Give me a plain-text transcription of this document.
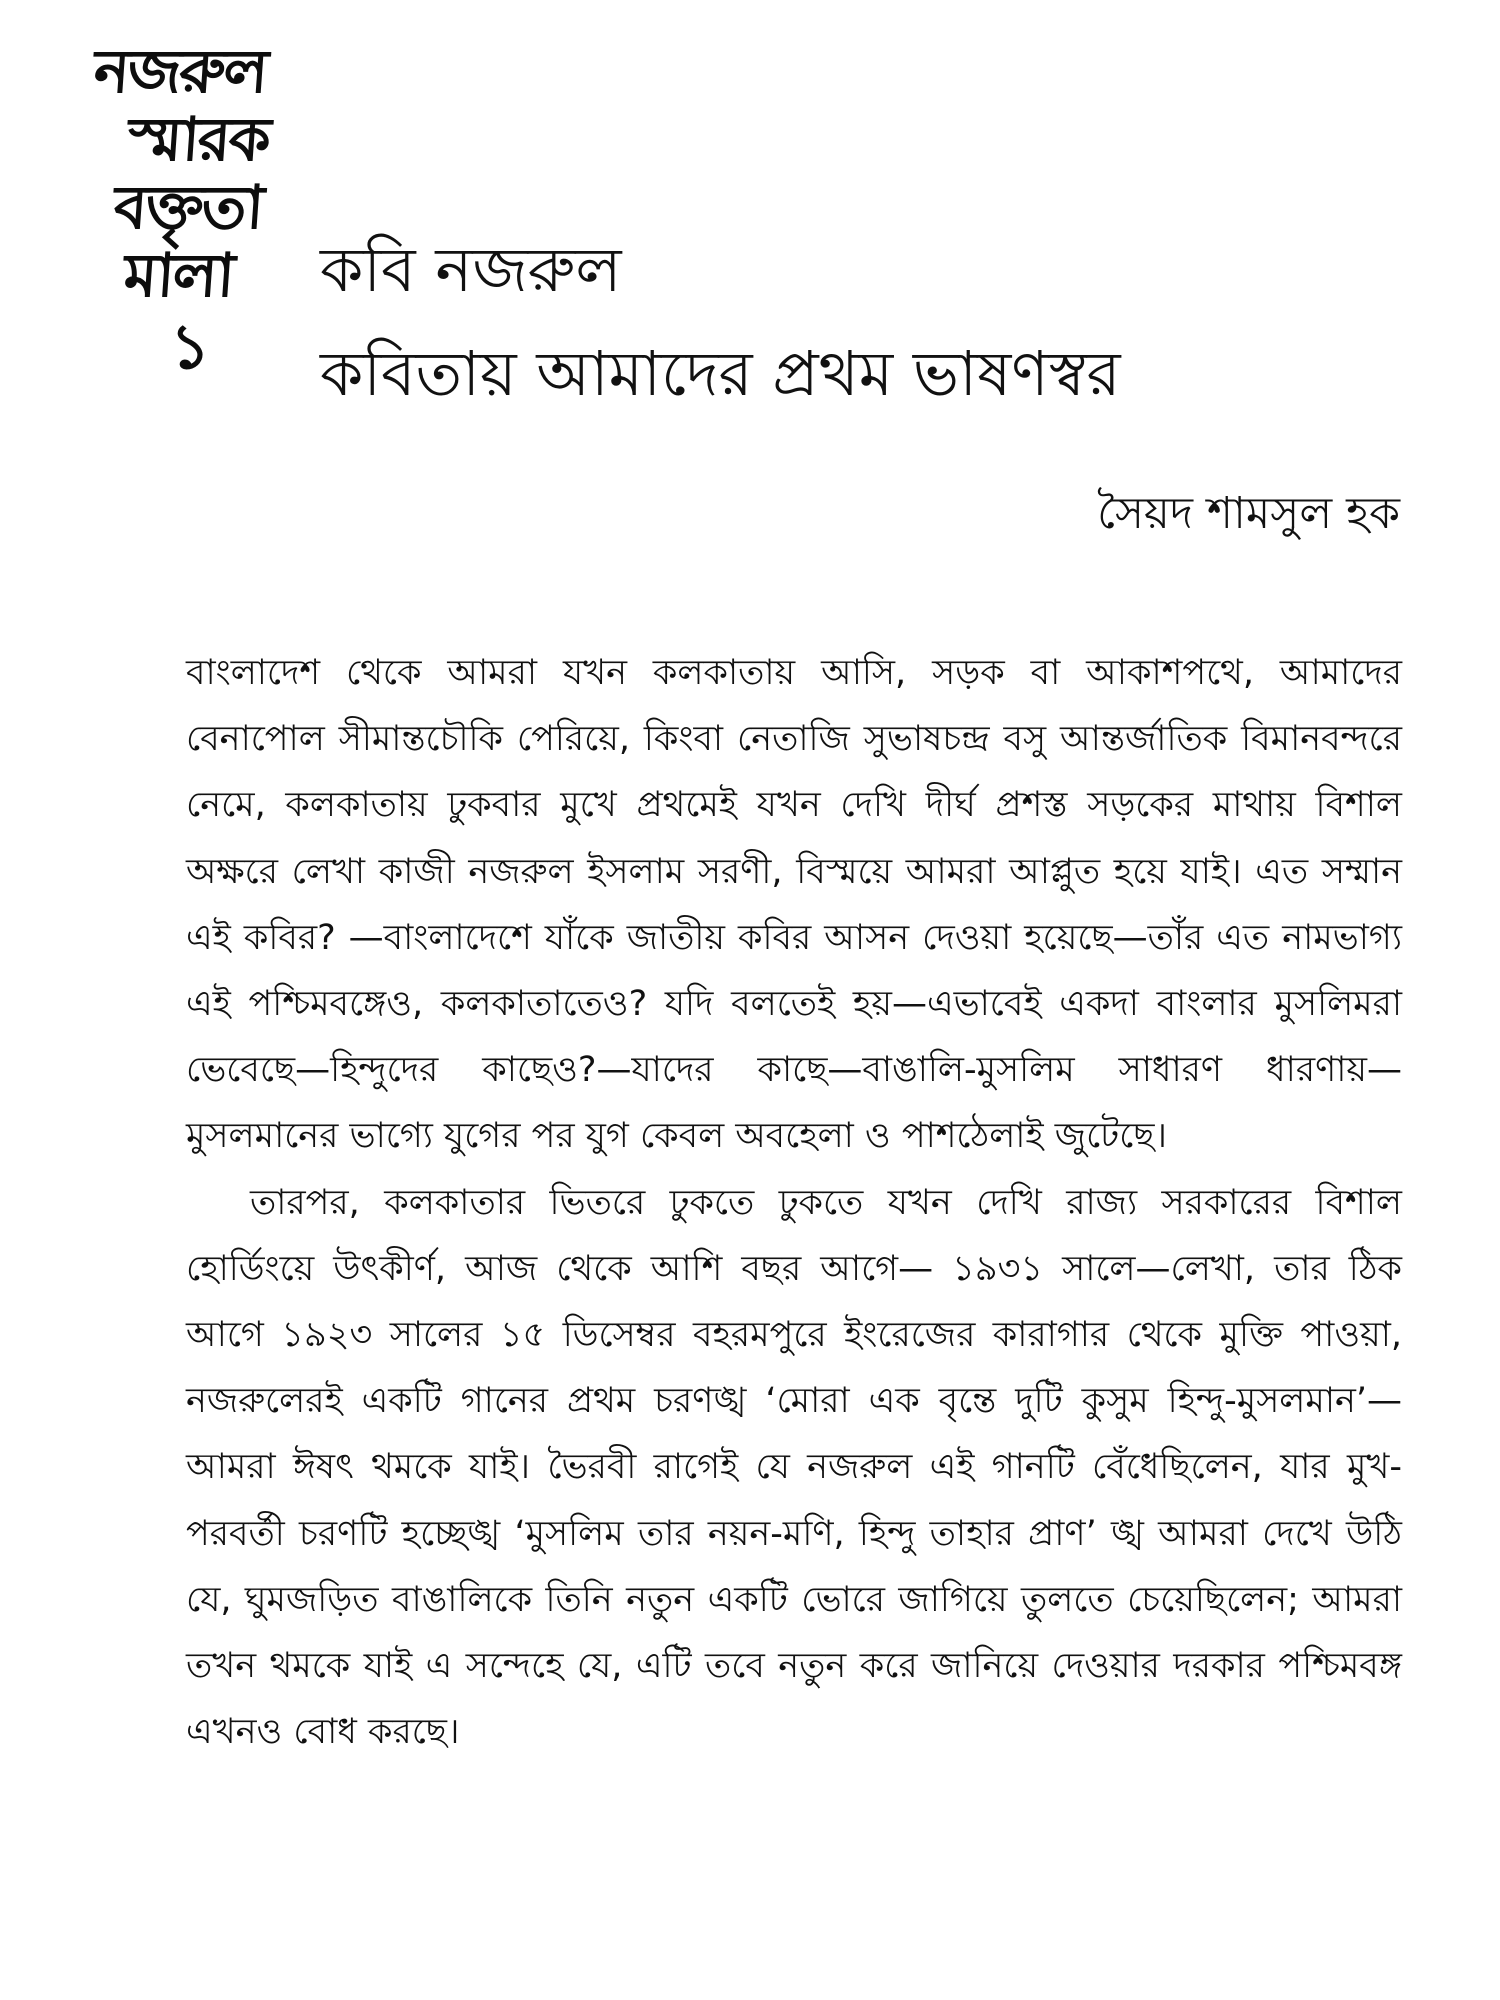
নজরুল
স্মারক
বক্তৃতা
মালা
১
কবি নজরুল
কবিতায় আমাদের প্রথম ভাষণস্বর
সৈয়দ শামসুল হক

বাংলাদেশ থেকে আমরা যখন কলকাতায় আসি, সড়ক বা আকাশপথে, আমাদের বেনাপোল সীমান্তচৌকি পেরিয়ে, কিংবা নেতাজি সুভাষচন্দ্র বসু আন্তর্জাতিক বিমানবন্দরে নেমে, কলকাতায় ঢুকবার মুখে প্রথমেই যখন দেখি দীর্ঘ প্রশস্ত সড়কের মাথায় বিশাল অক্ষরে লেখা কাজী নজরুল ইসলাম সরণী, বিস্ময়ে আমরা আপ্লুত হয়ে যাই। এত সম্মান এই কবির? —বাংলাদেশে যাঁকে জাতীয় কবির আসন দেওয়া হয়েছে—তাঁর এত নামভাগ্য এই পশ্চিমবঙ্গেও, কলকাতাতেও? যদি বলতেই হয়—এভাবেই একদা বাংলার মুসলিমরা ভেবেছে—হিন্দুদের কাছেও?—যাদের কাছে—বাঙালি-মুসলিম সাধারণ ধারণায়—মুসলমানের ভাগ্যে যুগের পর যুগ কেবল অবহেলা ও পাশঠেলাই জুটেছে।

তারপর, কলকাতার ভিতরে ঢুকতে ঢুকতে যখন দেখি রাজ্য সরকারের বিশাল হোর্ডিংয়ে উৎকীর্ণ, আজ থেকে আশি বছর আগে— ১৯৩১ সালে—লেখা, তার ঠিক আগে ১৯২৩ সালের ১৫ ডিসেম্বর বহরমপুরে ইংরেজের কারাগার থেকে মুক্তি পাওয়া, নজরুলেরই একটি গানের প্রথম চরণঙ্খ ‘মোরা এক বৃন্তে দুটি কুসুম হিন্দু-মুসলমান’—আমরা ঈষৎ থমকে যাই। ভৈরবী রাগেই যে নজরুল এই গানটি বেঁধেছিলেন, যার মুখ-পরবর্তী চরণটি হচ্ছেঙ্খ ‘মুসলিম তার নয়ন-মণি, হিন্দু তাহার প্রাণ’ ঙ্খ আমরা দেখে উঠি যে, ঘুমজড়িত বাঙালিকে তিনি নতুন একটি ভোরে জাগিয়ে তুলতে চেয়েছিলেন; আমরা তখন থমকে যাই এ সন্দেহে যে, এটি তবে নতুন করে জানিয়ে দেওয়ার দরকার পশ্চিমবঙ্গ এখনও বোধ করছে।
